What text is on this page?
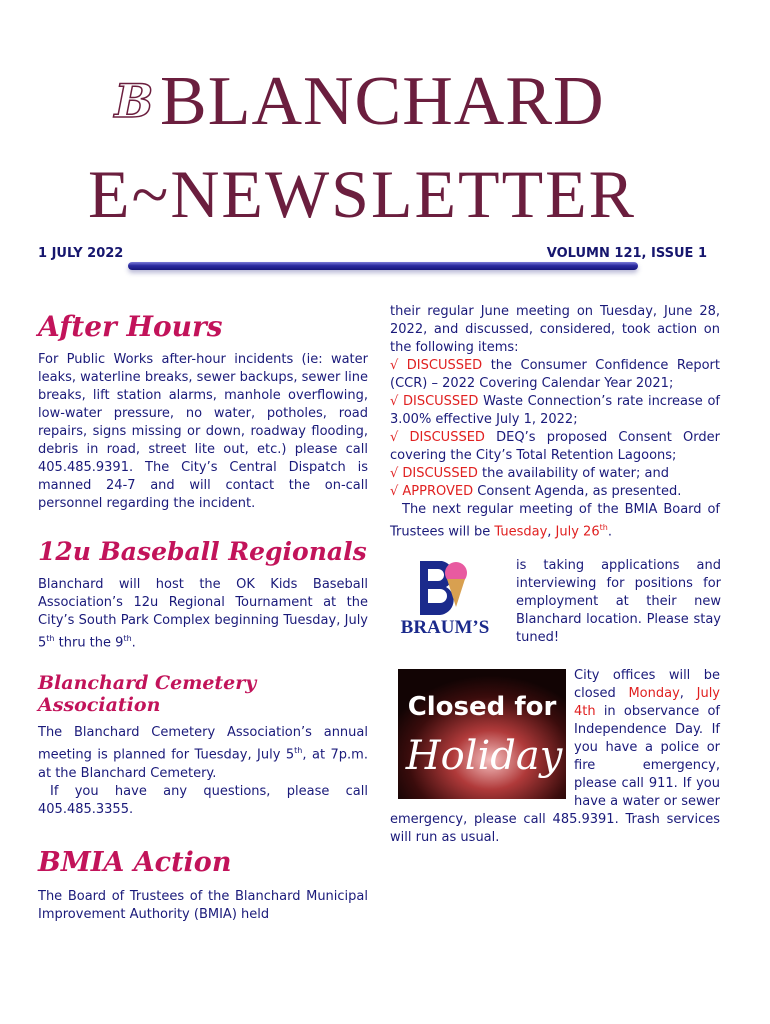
B BLANCHARD
E~NEWSLETTER
1 JULY 2022	VOLUMN 121, ISSUE 1
After Hours

For Public Works after-hour incidents (ie: water leaks, waterline breaks, sewer backups, sewer line breaks, lift station alarms, manhole overflowing, low-water pressure, no water, potholes, road repairs, signs missing or down, roadway flooding, debris in road, street lite out, etc.) please call 405.485.9391. The City’s Central Dispatch is manned 24-7 and will contact the on-call personnel regarding the incident.

12u Baseball Regionals

Blanchard will host the OK Kids Baseball Association’s 12u Regional Tournament at the City’s South Park Complex beginning Tuesday, July 5th thru the 9th.

Blanchard Cemetery Association

The Blanchard Cemetery Association’s annual meeting is planned for Tuesday, July 5th, at 7p.m. at the Blanchard Cemetery.

If you have any questions, please call 405.485.3355.

BMIA Action

The Board of Trustees of the Blanchard Municipal Improvement Authority (BMIA) held

their regular June meeting on Tuesday, June 28, 2022, and discussed, considered, took action on the following items:

√ DISCUSSED the Consumer Confidence Report (CCR) – 2022 Covering Calendar Year 2021;

√ DISCUSSED Waste Connection’s rate increase of 3.00% effective July 1, 2022;

√ DISCUSSED DEQ’s proposed Consent Order covering the City’s Total Retention Lagoons;

√ DISCUSSED the availability of water; and

√ APPROVED Consent Agenda, as presented.

The next regular meeting of the BMIA Board of Trustees will be Tuesday, July 26th.

BRAUM’S

is taking applications and interviewing for positions for employment at their new Blanchard location. Please stay tuned!

Closed for
Holiday

City offices will be closed Monday, July 4th in observance of Independence Day. If you have a police or fire emergency, please call 911. If you have a water or sewer emergency, please call 485.9391. Trash services will run as usual.
